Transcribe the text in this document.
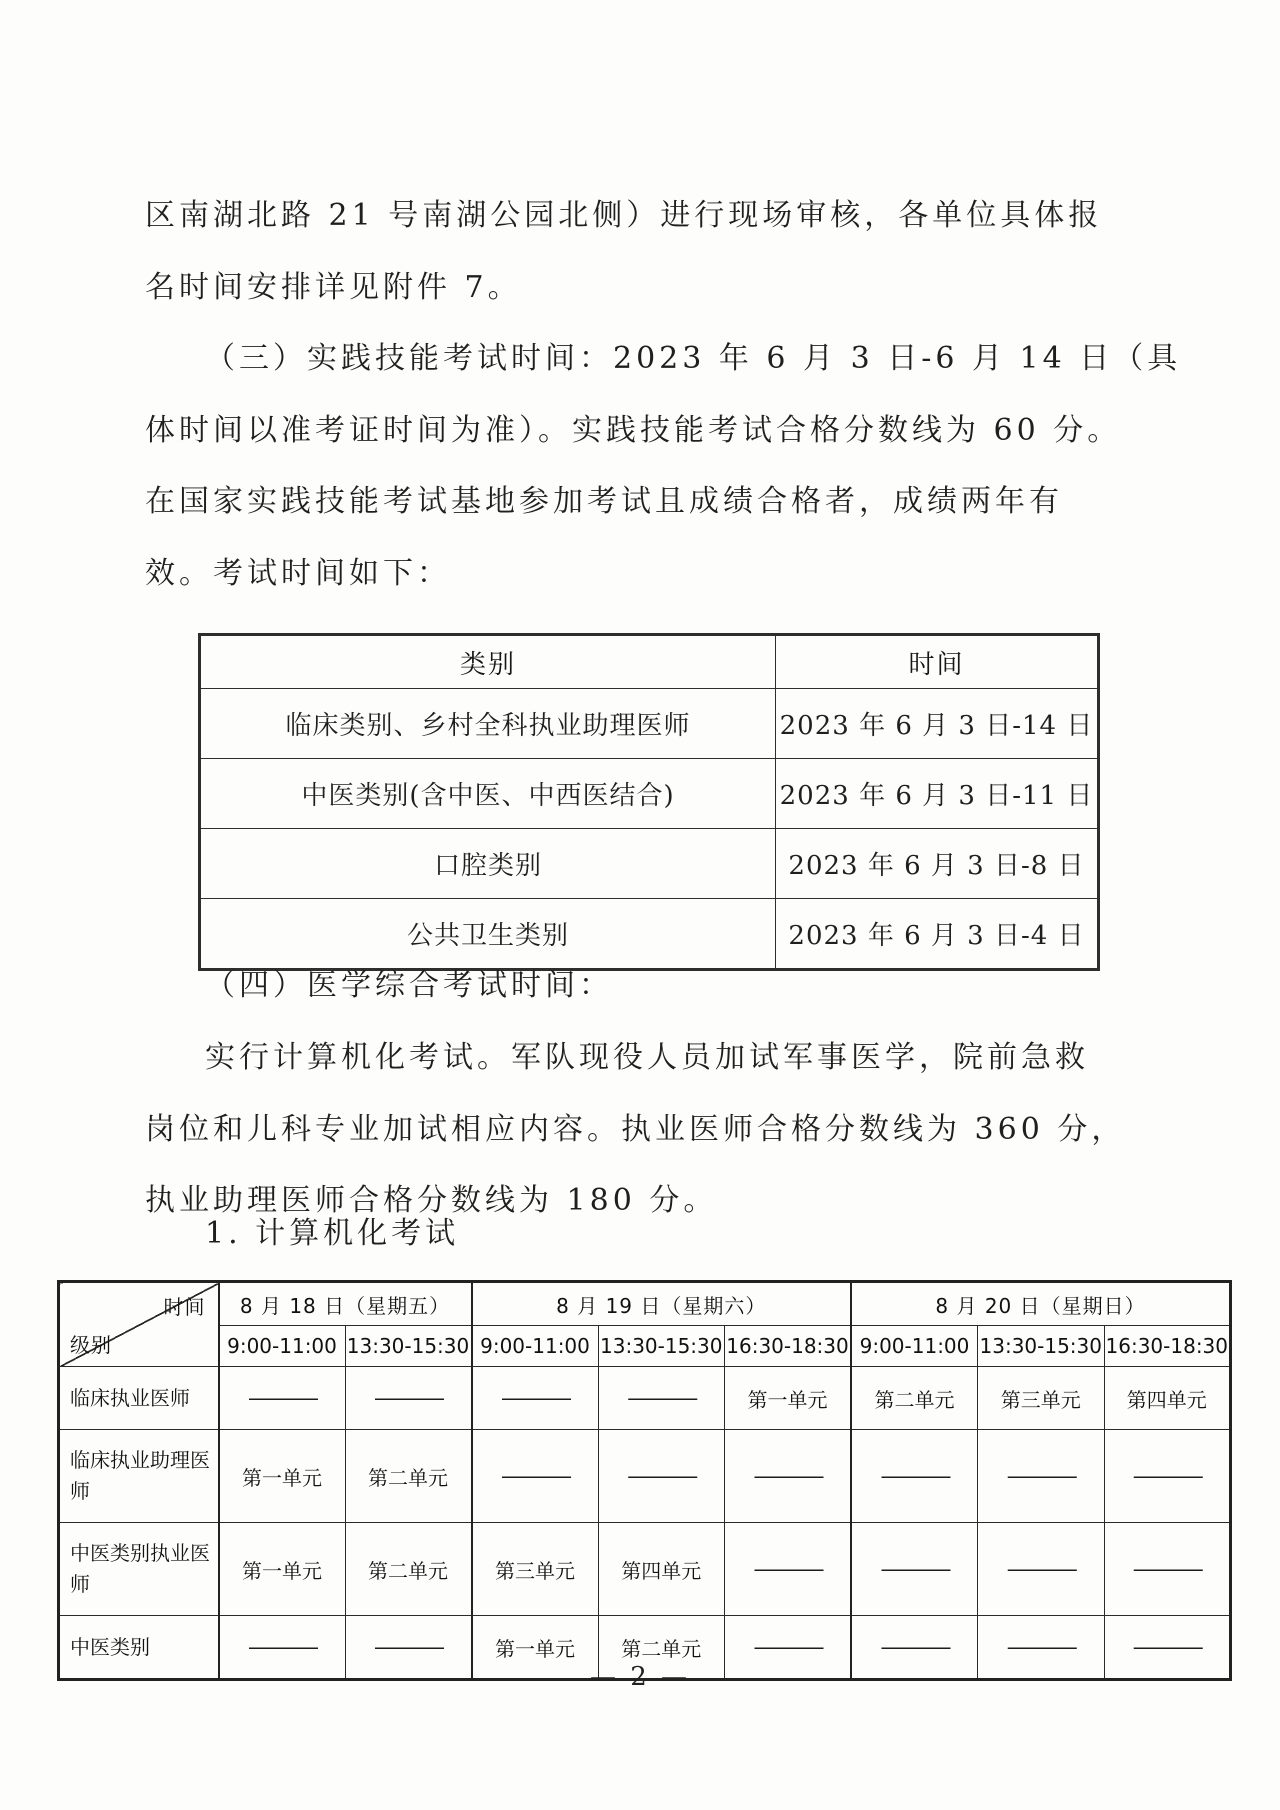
区南湖北路 21 号南湖公园北侧）进行现场审核，各单位具体报
名时间安排详见附件 7。
（三）实践技能考试时间：2023 年 6 月 3 日-6 月 14 日（具
体时间以准考证时间为准）。实践技能考试合格分数线为 60 分。
在国家实践技能考试基地参加考试且成绩合格者，成绩两年有
效。考试时间如下：
类别	时间
临床类别、乡村全科执业助理医师	2023 年 6 月 3 日-14 日
中医类别(含中医、中西医结合)	2023 年 6 月 3 日-11 日
口腔类别	2023 年 6 月 3 日-8 日
公共卫生类别	2023 年 6 月 3 日-4 日
（四）医学综合考试时间：
实行计算机化考试。军队现役人员加试军事医学，院前急救
岗位和儿科专业加试相应内容。执业医师合格分数线为 360 分，
执业助理医师合格分数线为 180 分。
1. 计算机化考试
时间
级别	8 月 18 日（星期五）		8 月 19 日（星期六）			8 月 20 日（星期日）		
	9:00-11:00	13:30-15:30	9:00-11:00	13:30-15:30	16:30-18:30	9:00-11:00	13:30-15:30	16:30-18:30
临床执业医师	————	————	————	————	第一单元	第二单元	第三单元	第四单元
临床执业助理医师	第一单元	第二单元	————	————	————	————	————	————
中医类别执业医师	第一单元	第二单元	第三单元	第四单元	————	————	————	————
中医类别	————	————	第一单元	第二单元	————	————	————	————
— 2 —
